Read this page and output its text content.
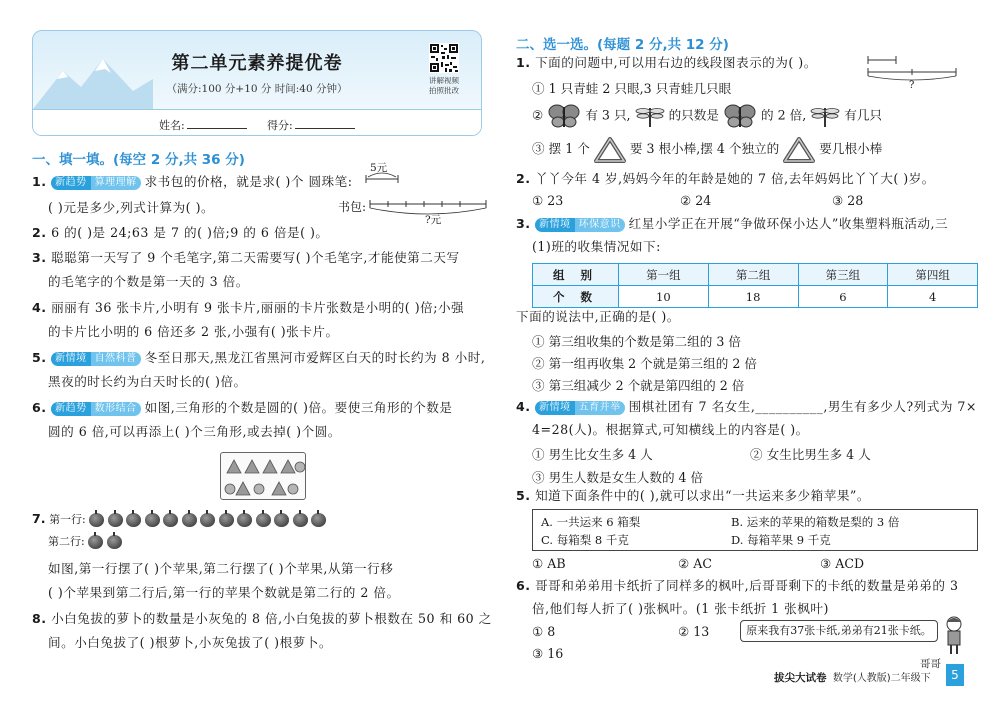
第二单元素养提优卷
（满分:100 分+10 分 时间:40 分钟）
讲解视频
拍照批改
姓名:	得分:
一、填一填。(每空 2 分,共 36 分)
1. 新趋势 算理理解 求书包的价格，就是求( )个 圆珠笔:
5元
( )元是多少,列式计算为( )。	书包:
?元
2. 6 的( )是 24;63 是 7 的( )倍;9 的 6 倍是( )。
3. 聪聪第一天写了 9 个毛笔字,第二天需要写( )个毛笔字,才能使第二天写
的毛笔字的个数是第一天的 3 倍。
4. 丽丽有 36 张卡片,小明有 9 张卡片,丽丽的卡片张数是小明的( )倍;小强
的卡片比小明的 6 倍还多 2 张,小强有( )张卡片。
5. 新情境 自然科普 冬至日那天,黑龙江省黑河市爱辉区白天的时长约为 8 小时,
黑夜的时长约为白天时长的( )倍。
6. 新趋势 数形结合 如图,三角形的个数是圆的( )倍。要使三角形的个数是
圆的 6 倍,可以再添上( )个三角形,或去掉( )个圆。
7. 第一行:
第二行:
如图,第一行摆了( )个苹果,第二行摆了( )个苹果,从第一行移
( )个苹果到第二行后,第一行的苹果个数就是第二行的 2 倍。
8. 小白兔拔的萝卜的数量是小灰兔的 8 倍,小白兔拔的萝卜根数在 50 和 60 之
间。小白兔拔了( )根萝卜,小灰兔拔了( )根萝卜。
二、选一选。(每题 2 分,共 12 分)
1. 下面的问题中,可以用右边的线段图表示的为( )。
?
① 1 只青蛙 2 只眼,3 只青蛙几只眼
②	有 3 只,	的只数是	的 2 倍,	有几只
③ 摆 1 个	要 3 根小棒,摆 4 个独立的	要几根小棒
2. 丫丫今年 4 岁,妈妈今年的年龄是她的 7 倍,去年妈妈比丫丫大( )岁。
① 23	② 24	③ 28
3. 新情境 环保意识 红星小学正在开展“争做环保小达人”收集塑料瓶活动,三
(1)班的收集情况如下:
组 别	第一组	第二组	第三组	第四组
个 数	10	18	6	4
下面的说法中,正确的是( )。
① 第三组收集的个数是第二组的 3 倍
② 第一组再收集 2 个就是第三组的 2 倍
③ 第三组减少 2 个就是第四组的 2 倍
4. 新情境 五育并举 围棋社团有 7 名女生,__________,男生有多少人?列式为 7×
4=28(人)。根据算式,可知横线上的内容是( )。
① 男生比女生多 4 人	② 女生比男生多 4 人
③ 男生人数是女生人数的 4 倍
5. 知道下面条件中的( ),就可以求出“一共运来多少箱苹果”。
A. 一共运来 6 箱梨	B. 运来的苹果的箱数是梨的 3 倍
C. 每箱梨 8 千克	D. 每箱苹果 9 千克
① AB	② AC	③ ACD
6. 哥哥和弟弟用卡纸折了同样多的枫叶,后哥哥剩下的卡纸的数量是弟弟的 3
倍,他们每人折了( )张枫叶。(1 张卡纸折 1 张枫叶)
① 8	② 13
③ 16
原来我有37张卡纸,弟弟有21张卡纸。
哥哥
拔尖大试卷 数学(人教版)二年级下	5
